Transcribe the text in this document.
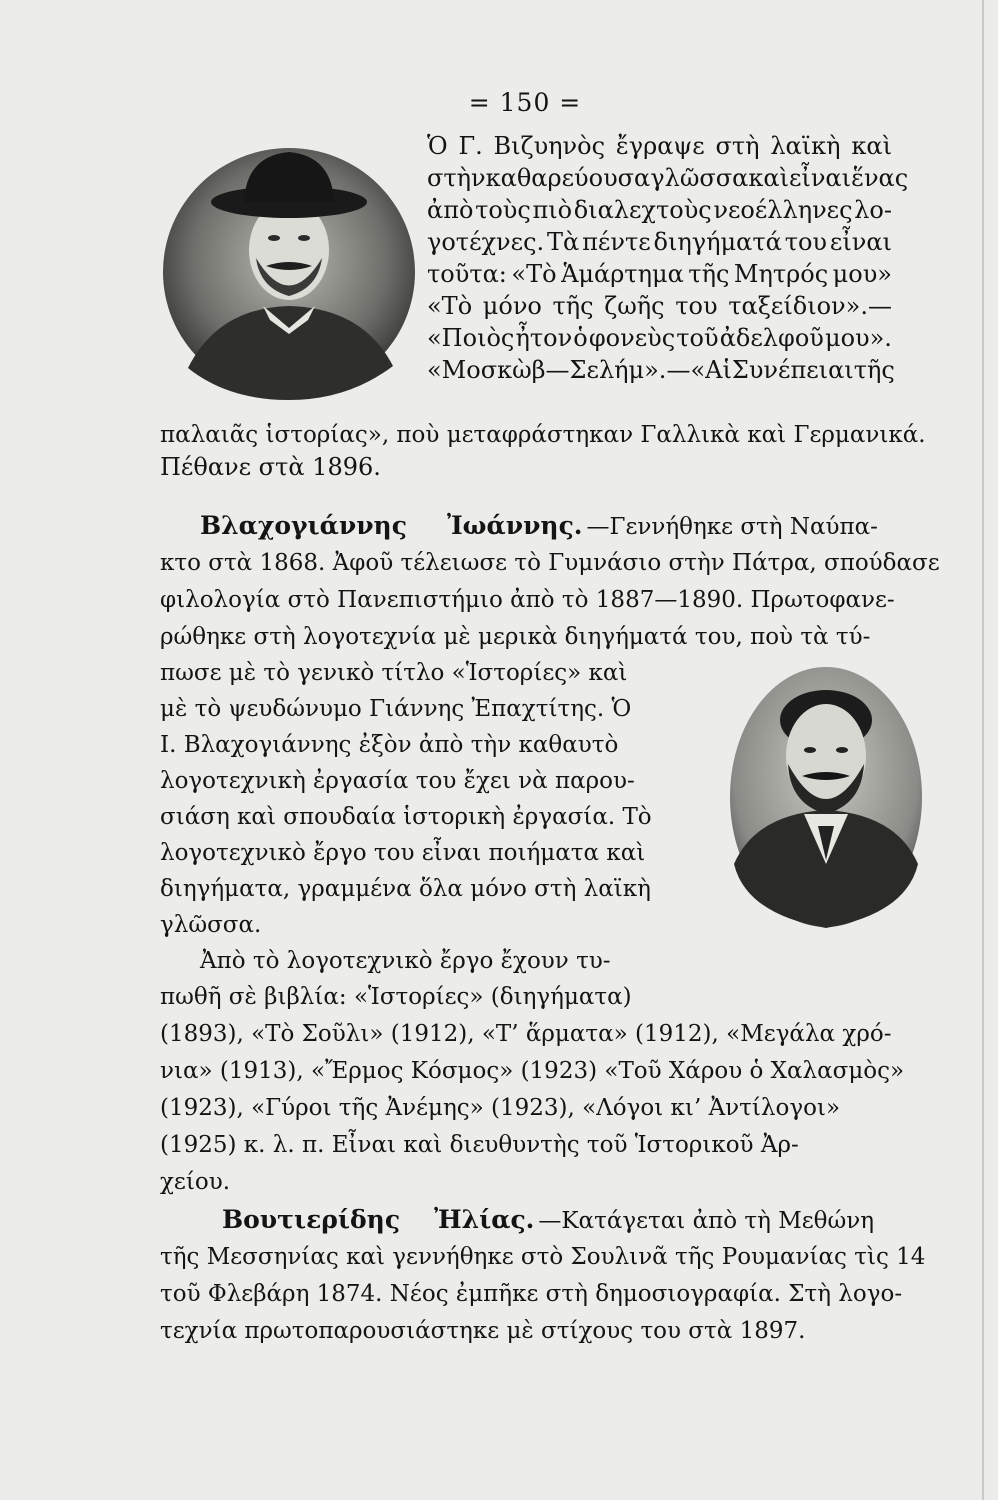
= 150 =
Ὁ Γ. Βιζυηνὸς ἔγραψε στὴ λαϊκὴ καὶ
στὴν καθαρεύουσα γλῶσσα καὶ εἶναι ἕνας
ἀπὸ τοὺς πιὸ διαλεχτοὺς νεοέλληνες λο-
γοτέχνες. Τὰ πέντε διηγήματά του εἶναι
τοῦτα: «Τὸ Ἁμάρτημα τῆς Μητρός μου»
«Τὸ μόνο τῆς ζωῆς του ταξείδιον».—
«Ποιὸς ἦτον ὁ φονεὺς τοῦ ἀδελφοῦ μου».
«Μοσκὼβ—Σελήμ».—«Αἱ Συνέπειαι τῆς
παλαιᾶς ἱστορίας», ποὺ μεταφράστηκαν Γαλλικὰ καὶ Γερμανικά.
Πέθανε στὰ 1896.
Βλαχογιάννης Ἰωάννης. —Γεννήθηκε στὴ Ναύπα-
κτο στὰ 1868. Ἀφοῦ τέλειωσε τὸ Γυμνάσιο στὴν Πάτρα, σπούδασε
φιλολογία στὸ Πανεπιστήμιο ἀπὸ τὸ 1887—1890. Πρωτοφανε-
ρώθηκε στὴ λογοτεχνία μὲ μερικὰ διηγήματά του, ποὺ τὰ τύ-
πωσε μὲ τὸ γενικὸ τίτλο «Ἱστορίες» καὶ
μὲ τὸ ψευδώνυμο Γιάννης Ἐπαχτίτης. Ὁ
Ι. Βλαχογιάννης ἐξὸν ἀπὸ τὴν καθαυτὸ
λογοτεχνικὴ ἐργασία του ἔχει νὰ παρου-
σιάση καὶ σπουδαία ἱστορικὴ ἐργασία. Τὸ
λογοτεχνικὸ ἔργο του εἶναι ποιήματα καὶ
διηγήματα, γραμμένα ὅλα μόνο στὴ λαϊκὴ
γλῶσσα.
Ἀπὸ τὸ λογοτεχνικὸ ἔργο ἔχουν τυ-
πωθῆ σὲ βιβλία: «Ἱστορίες» (διηγήματα)
(1893), «Τὸ Σοῦλι» (1912), «Τ’ ἅρματα» (1912), «Μεγάλα χρό-
νια» (1913), «Ἔρμος Κόσμος» (1923) «Τοῦ Χάρου ὁ Χαλασμὸς»
(1923), «Γύροι τῆς Ἀνέμης» (1923), «Λόγοι κι’ Ἀντίλογοι»
(1925) κ. λ. π. Εἶναι καὶ διευθυντὴς τοῦ Ἱστορικοῦ Ἀρ-
χείου.
Βουτιερίδης Ἠλίας. —Κατάγεται ἀπὸ τὴ Μεθώνη
τῆς Μεσσηνίας καὶ γεννήθηκε στὸ Σουλινᾶ τῆς Ρουμανίας τὶς 14
τοῦ Φλεβάρη 1874. Νέος ἐμπῆκε στὴ δημοσιογραφία. Στὴ λογο-
τεχνία πρωτοπαρουσιάστηκε μὲ στίχους του στὰ 1897.
